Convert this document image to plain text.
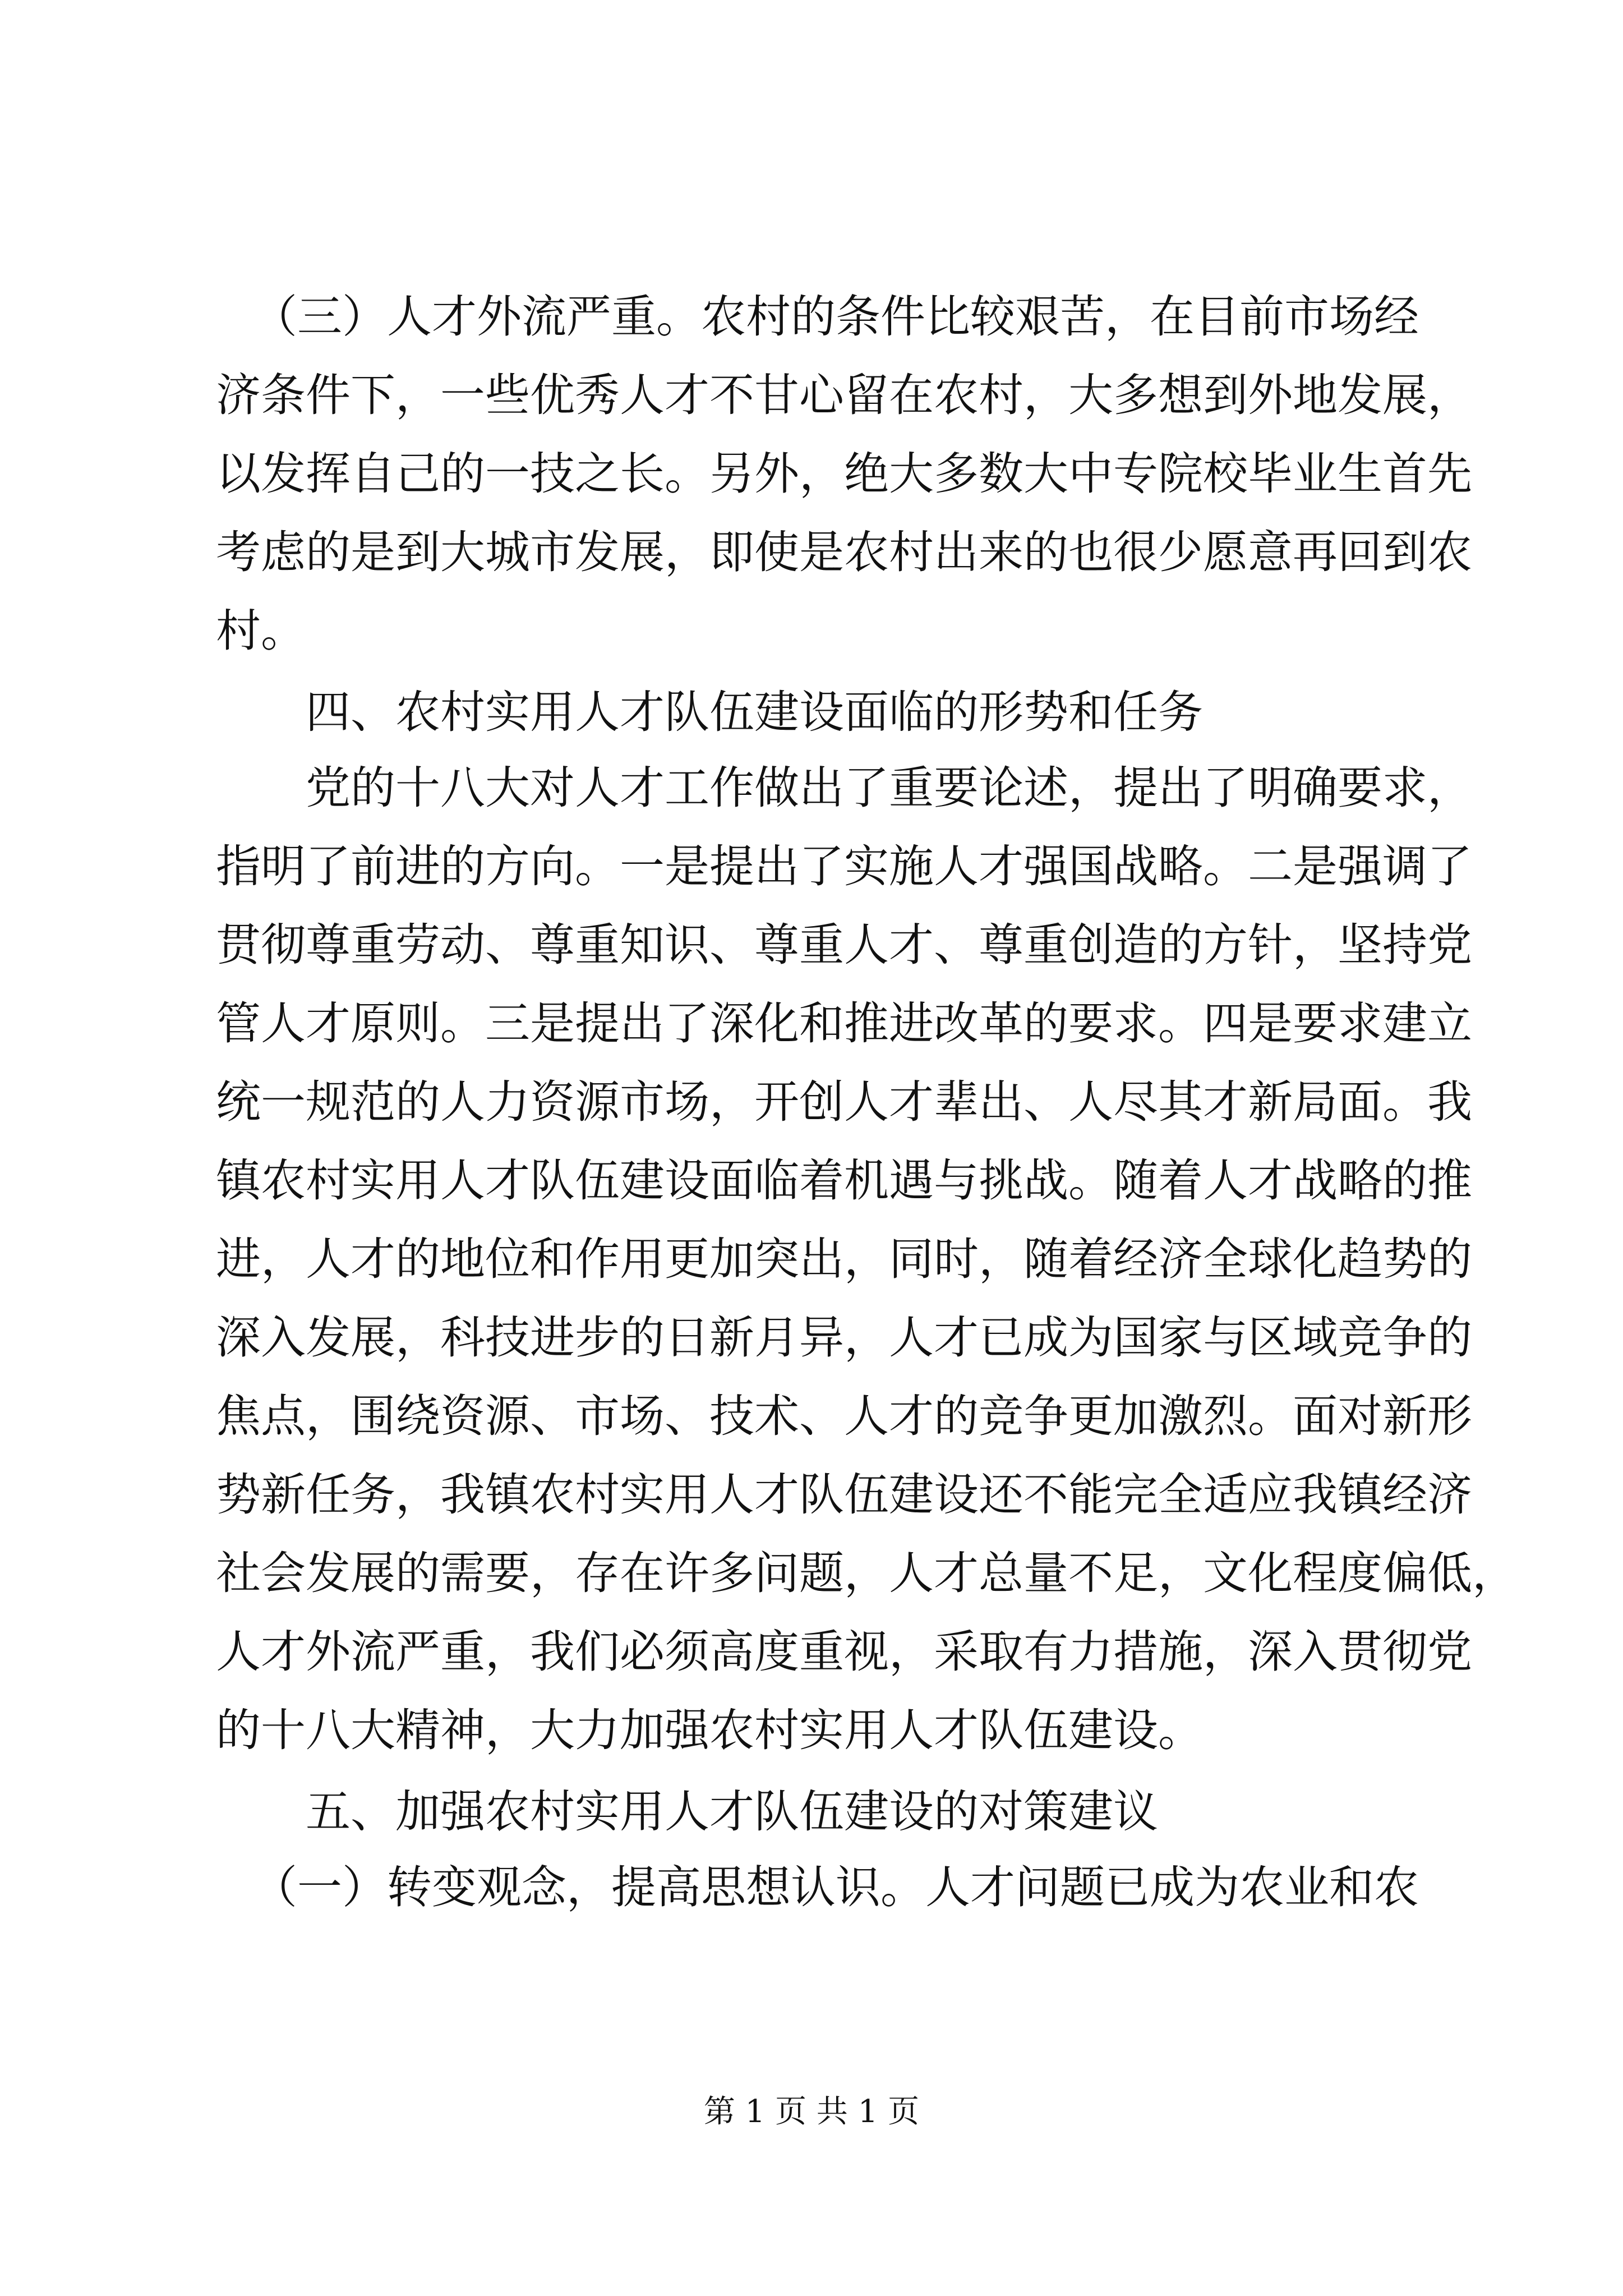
（三）人才外流严重。农村的条件比较艰苦，在目前市场经

济条件下，一些优秀人才不甘心留在农村，大多想到外地发展，

以发挥自己的一技之长。另外，绝大多数大中专院校毕业生首先

考虑的是到大城市发展，即使是农村出来的也很少愿意再回到农

村。

四、农村实用人才队伍建设面临的形势和任务

党的十八大对人才工作做出了重要论述，提出了明确要求，

指明了前进的方向。一是提出了实施人才强国战略。二是强调了

贯彻尊重劳动、尊重知识、尊重人才、尊重创造的方针，坚持党

管人才原则。三是提出了深化和推进改革的要求。四是要求建立

统一规范的人力资源市场，开创人才辈出、人尽其才新局面。我

镇农村实用人才队伍建设面临着机遇与挑战。随着人才战略的推

进，人才的地位和作用更加突出，同时，随着经济全球化趋势的

深入发展，科技进步的日新月异，人才已成为国家与区域竞争的

焦点，围绕资源、市场、技术、人才的竞争更加激烈。面对新形

势新任务，我镇农村实用人才队伍建设还不能完全适应我镇经济

社会发展的需要，存在许多问题，人才总量不足，文化程度偏低，

人才外流严重，我们必须高度重视，采取有力措施，深入贯彻党

的十八大精神，大力加强农村实用人才队伍建设。

五、加强农村实用人才队伍建设的对策建议

（一）转变观念，提高思想认识。人才问题已成为农业和农

第 1 页 共 1 页
